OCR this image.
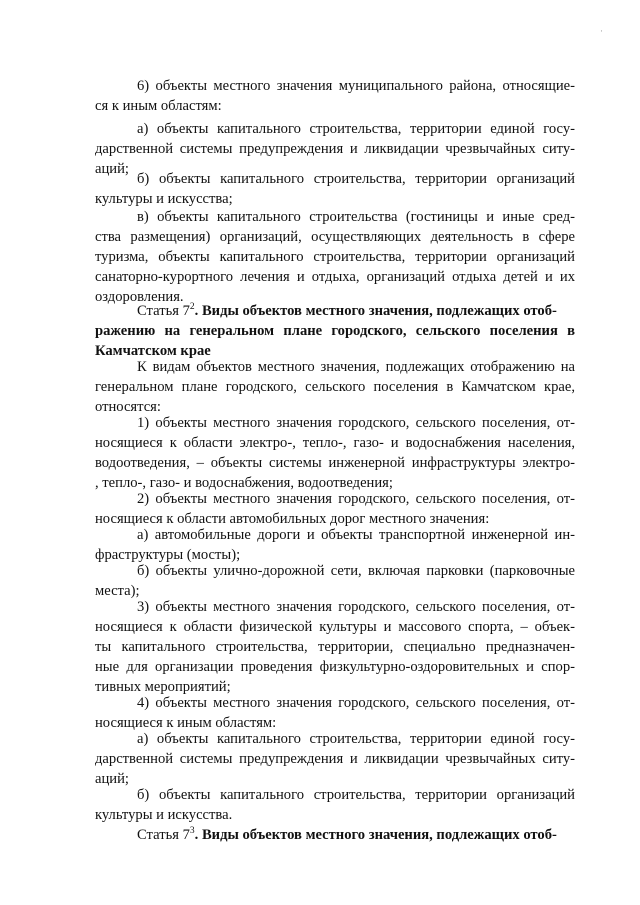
·
6) объекты местного значения муниципального района, относящие-
ся к иным областям:
а) объекты капитального строительства, территории единой госу-
дарственной системы предупреждения и ликвидации чрезвычайных ситу-
аций;
б) объекты капитального строительства, территории организаций
культуры и искусства;
в) объекты капитального строительства (гостиницы и иные сред-
ства размещения) организаций, осуществляющих деятельность в сфере
туризма, объекты капитального строительства, территории организаций
санаторно-курортного лечения и отдыха, организаций отдыха детей и их
оздоровления.
Статья $7^2$. Виды объектов местного значения, подлежащих отоб-
ражению на генеральном плане городского, сельского поселения в
Камчатском крае
К видам объектов местного значения, подлежащих отображению на
генеральном плане городского, сельского поселения в Камчатском крае,
относятся:
1) объекты местного значения городского, сельского поселения, от-
носящиеся к области электро-, тепло-, газо- и водоснабжения населения,
водоотведения, – объекты системы инженерной инфраструктуры электро-
, тепло-, газо- и водоснабжения, водоотведения;
2) объекты местного значения городского, сельского поселения, от-
носящиеся к области автомобильных дорог местного значения:
а) автомобильные дороги и объекты транспортной инженерной ин-
фраструктуры (мосты);
б) объекты улично-дорожной сети, включая парковки (парковочные
места);
3) объекты местного значения городского, сельского поселения, от-
носящиеся к области физической культуры и массового спорта, – объек-
ты капитального строительства, территории, специально предназначен-
ные для организации проведения физкультурно-оздоровительных и спор-
тивных мероприятий;
4) объекты местного значения городского, сельского поселения, от-
носящиеся к иным областям:
а) объекты капитального строительства, территории единой госу-
дарственной системы предупреждения и ликвидации чрезвычайных ситу-
аций;
б) объекты капитального строительства, территории организаций
культуры и искусства.
Статья $7^3$. Виды объектов местного значения, подлежащих отоб-
